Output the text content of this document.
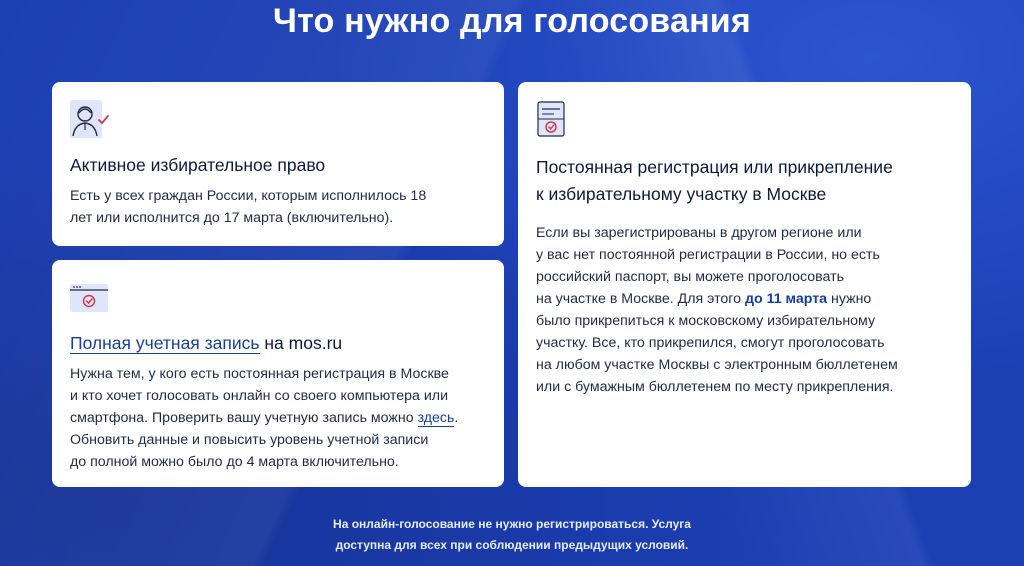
Что нужно для голосования
Активное избирательное право
Есть у всех граждан России, которым исполнилось 18
лет или исполнится до 17 марта (включительно).
Полная учетная запись на mos.ru
Нужна тем, у кого есть постоянная регистрация в Москве
и кто хочет голосовать онлайн со своего компьютера или
смартфона. Проверить вашу учетную запись можно здесь.
Обновить данные и повысить уровень учетной записи
до полной можно было до 4 марта включительно.
Постоянная регистрация или прикрепление
к избирательному участку в Москве
Если вы зарегистрированы в другом регионе или
у вас нет постоянной регистрации в России, но есть
российский паспорт, вы можете проголосовать
на участке в Москве. Для этого до 11 марта нужно
было прикрепиться к московскому избирательному
участку. Все, кто прикрепился, смогут проголосовать
на любом участке Москвы с электронным бюллетенем
или с бумажным бюллетенем по месту прикрепления.
На онлайн-голосование не нужно регистрироваться. Услуга
доступна для всех при соблюдении предыдущих условий.
